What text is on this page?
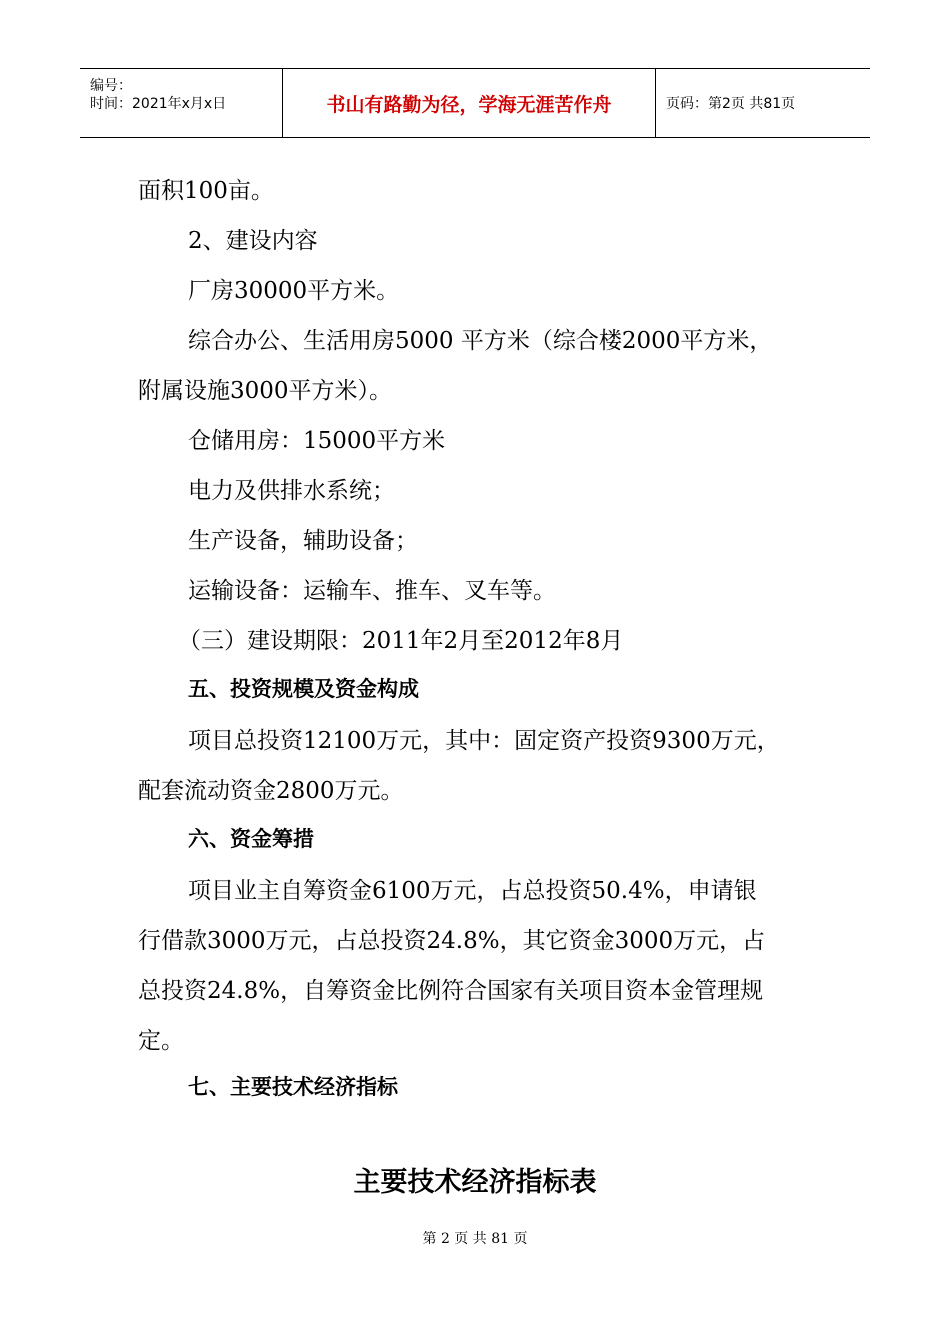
编号：
时间：2021年x月x日	书山有路勤为径，学海无涯苦作舟	页码：第2页 共81页
面积100亩。
2、建设内容
厂房30000平方米。
综合办公、生活用房5000 平方米（综合楼2000平方米，
附属设施3000平方米）。
仓储用房：15000平方米
电力及供排水系统；
生产设备，辅助设备；
运输设备：运输车、推车、叉车等。
（三）建设期限：2011年2月至2012年8月
五、投资规模及资金构成
项目总投资12100万元，其中：固定资产投资9300万元，
配套流动资金2800万元。
六、资金筹措
项目业主自筹资金6100万元，占总投资50.4%，申请银
行借款3000万元，占总投资24.8%，其它资金3000万元，占
总投资24.8%，自筹资金比例符合国家有关项目资本金管理规
定。
七、主要技术经济指标
主要技术经济指标表
第 2 页 共 81 页
